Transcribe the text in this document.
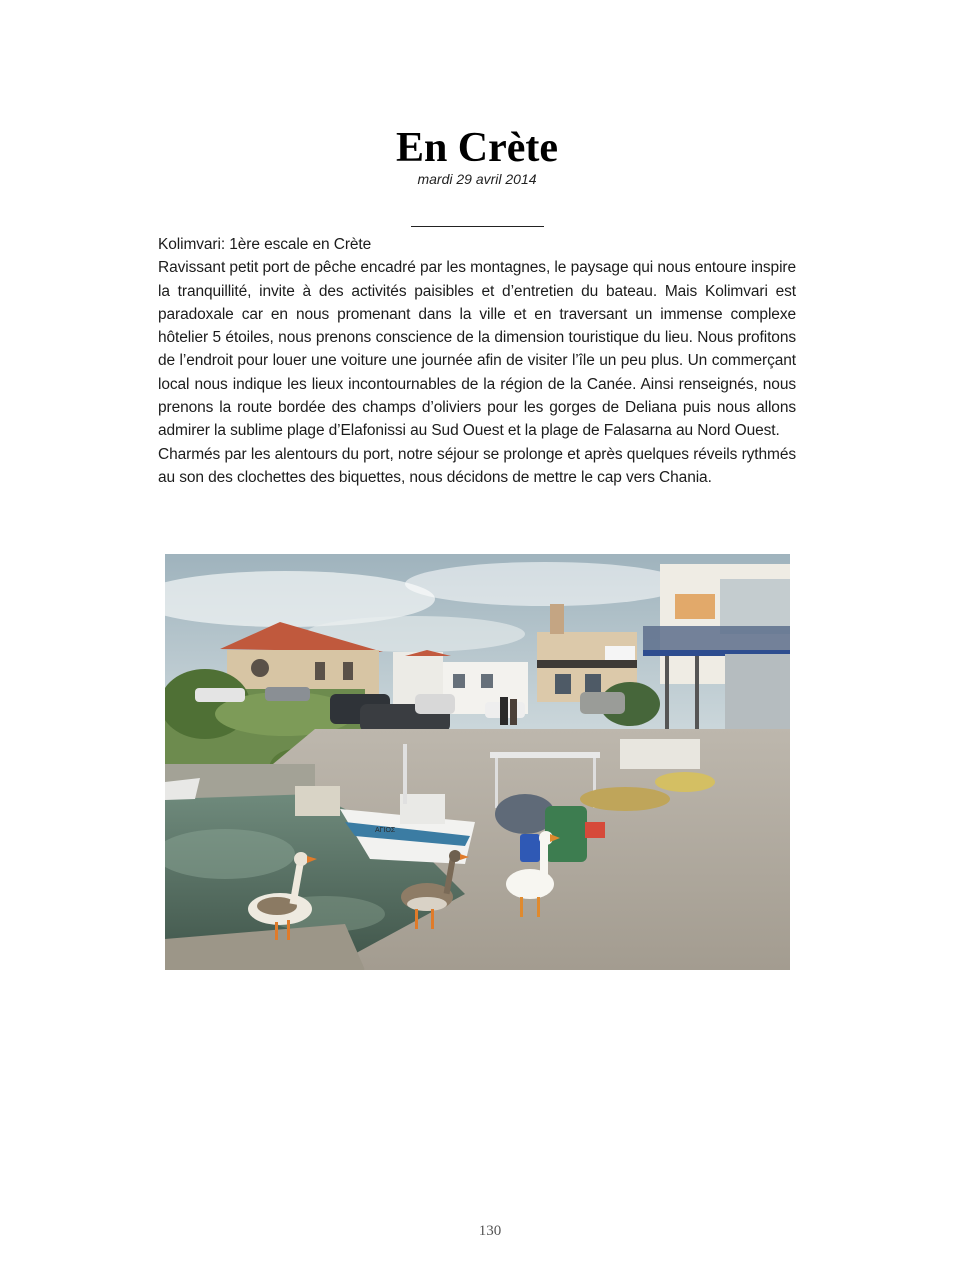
En Crète
mardi 29 avril 2014

Kolimvari: 1ère escale en Crète

Ravissant petit port de pêche encadré par les montagnes, le paysage qui nous entoure inspire la tranquillité, invite à des activités paisibles et d’entretien du bateau. Mais Kolimvari est paradoxale car en nous promenant dans la ville et en traversant un immense complexe hôtelier 5 étoiles, nous prenons conscience de la dimension touristique du lieu. Nous profitons de l’endroit pour louer une voiture une journée afin de visiter l’île un peu plus. Un commerçant local nous indique les lieux incontournables de la région de la Canée. Ainsi renseignés, nous prenons la route bordée des champs d’oliviers pour les gorges de Deliana puis nous allons admirer la sublime plage d’Elafonissi au Sud Ouest et la plage de Falasarna au Nord Ouest.

Charmés par les alentours du port, notre séjour se prolonge et après quelques réveils rythmés au son des clochettes des biquettes, nous décidons de mettre le cap vers Chania.

ΑΓΙΟΣ
130
